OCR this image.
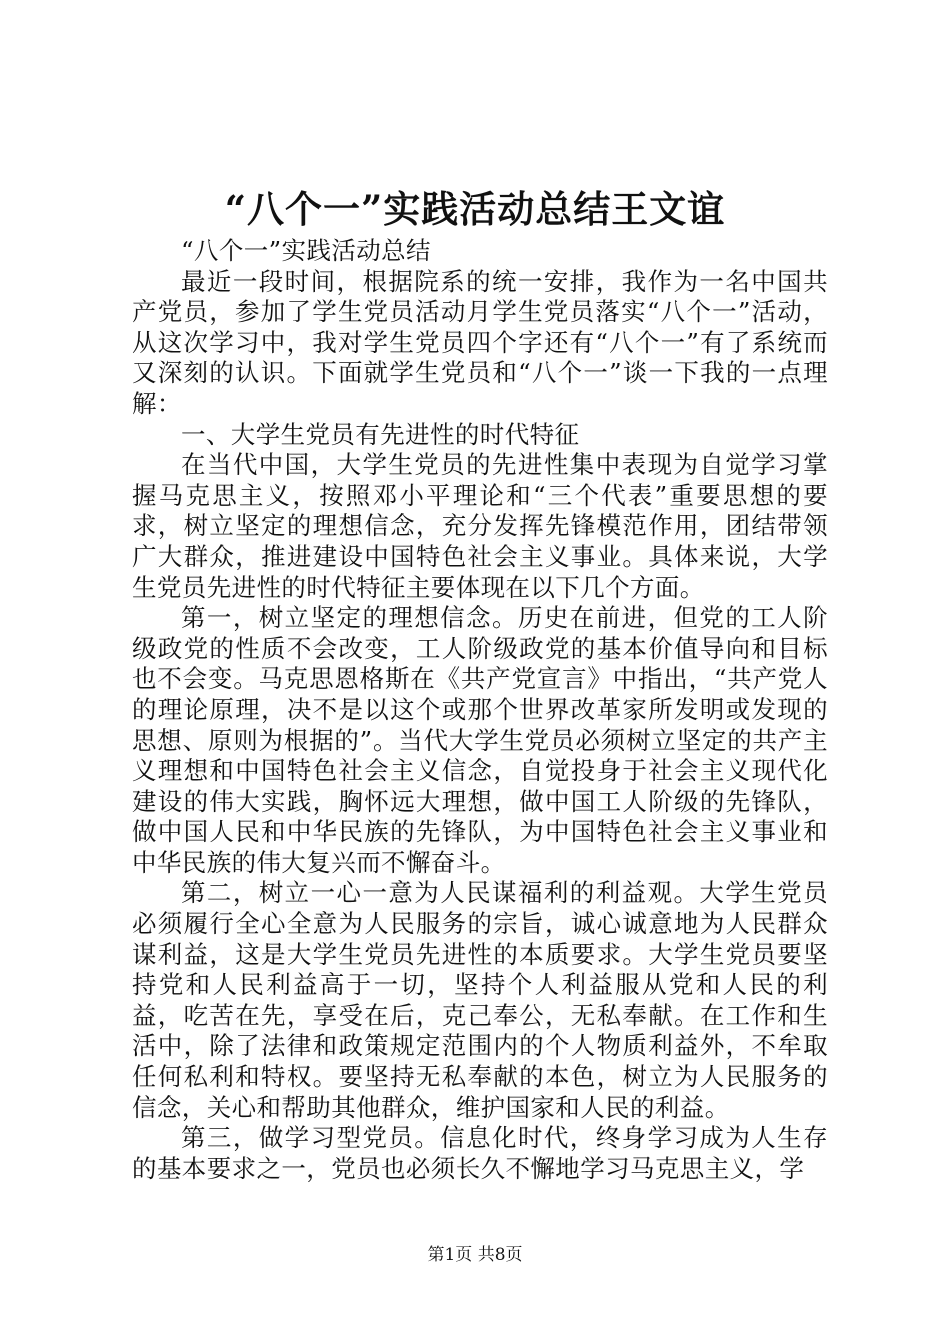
“八个一”实践活动总结王文谊

“八个一”实践活动总结

最近一段时间，根据院系的统一安排，我作为一名中国共产党员，参加了学生党员活动月学生党员落实“八个一”活动，从这次学习中，我对学生党员四个字还有“八个一”有了系统而又深刻的认识。下面就学生党员和“八个一”谈一下我的一点理解：

一、大学生党员有先进性的时代特征

在当代中国，大学生党员的先进性集中表现为自觉学习掌握马克思主义，按照邓小平理论和“三个代表”重要思想的要求，树立坚定的理想信念，充分发挥先锋模范作用，团结带领广大群众，推进建设中国特色社会主义事业。具体来说，大学生党员先进性的时代特征主要体现在以下几个方面。

第一，树立坚定的理想信念。历史在前进，但党的工人阶级政党的性质不会改变，工人阶级政党的基本价值导向和目标也不会变。马克思恩格斯在《共产党宣言》中指出，“共产党人的理论原理，决不是以这个或那个世界改革家所发明或发现的思想、原则为根据的”。当代大学生党员必须树立坚定的共产主义理想和中国特色社会主义信念，自觉投身于社会主义现代化建设的伟大实践，胸怀远大理想，做中国工人阶级的先锋队，做中国人民和中华民族的先锋队，为中国特色社会主义事业和中华民族的伟大复兴而不懈奋斗。

第二，树立一心一意为人民谋福利的利益观。大学生党员必须履行全心全意为人民服务的宗旨，诚心诚意地为人民群众谋利益，这是大学生党员先进性的本质要求。大学生党员要坚持党和人民利益高于一切，坚持个人利益服从党和人民的利益，吃苦在先，享受在后，克己奉公，无私奉献。在工作和生活中，除了法律和政策规定范围内的个人物质利益外，不牟取任何私利和特权。要坚持无私奉献的本色，树立为人民服务的信念，关心和帮助其他群众，维护国家和人民的利益。

第三，做学习型党员。信息化时代，终身学习成为人生存的基本要求之一，党员也必须长久不懈地学习马克思主义，学

第1页 共8页
